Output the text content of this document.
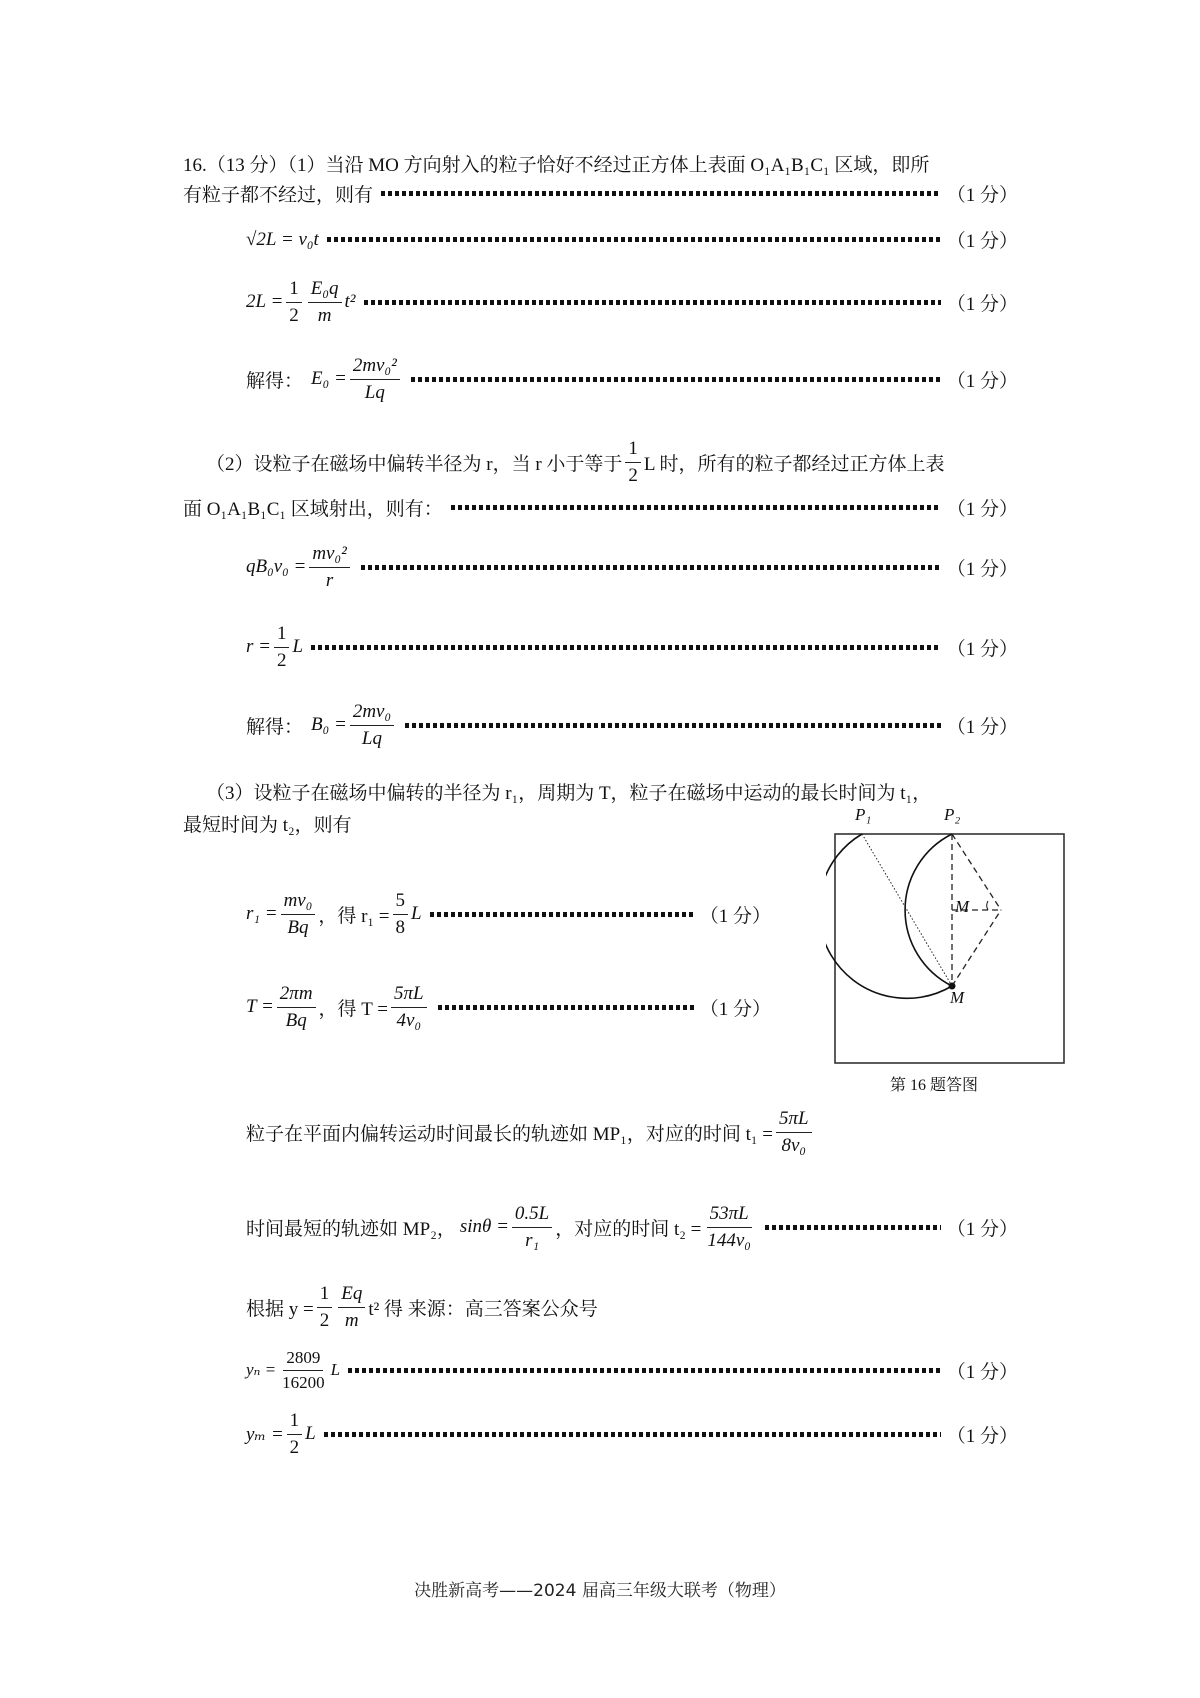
16.（13 分）（1）当沿 MO 方向射入的粒子恰好不经过正方体上表面 O₁A₁B₁C₁ 区域，即所
有粒子都不经过，则有	（1 分）
√2L = v₀t	（1 分）
$2L = \frac{1}{2} \frac{\text{E₀q}}{m} t^2$	（1 分）
解得： $E_0 = \frac{\text{2mv₀²}}{Lq}$	（1 分）
（2）设粒子在磁场中偏转半径为 r，当 r 小于等于 $\frac{1}{2}$ L 时，所有的粒子都经过正方体上表
面 O₁A₁B₁C₁ 区域射出，则有：	（1 分）
$qB_0v_0 = \frac{\text{mv₀²}}{r}$	（1 分）
$r = \frac{1}{2}$ L	（1 分）
解得： $B_0 = \frac{\text{2mv₀}}{Lq}$	（1 分）
（3）设粒子在磁场中偏转的半径为 r₁，周期为 T，粒子在磁场中运动的最长时间为 t₁，
最短时间为 t₂，则有
$r_1 = \frac{\text{mv₀}}{Bq}$ ，得 $r_1 = \frac{5}{8}$ L	（1 分）
$T = \frac{2\pi m}{Bq}$ ，得 $T = \frac{5\pi L}{\text{4v₀}}$	（1 分）
P₁	P₂
M
M
第 16 题答图
粒子在平面内偏转运动时间最长的轨迹如 MP₁，对应的时间 $t_1 = \frac{5\pi L}{\text{8v₀}}$
时间最短的轨迹如 MP₂， $\sin\theta = \frac{0.5L}{\text{r₁}}$ ，对应的时间 $t_2 = \frac{53\pi L}{\text{144v₀}}$	（1 分）
根据 $y = \frac{1}{2} \frac{Eq}{m} t^2$ 得 来源：高三答案公众号
$y_n = \frac{2809}{16200}$ L	（1 分）
$y_m = \frac{1}{2}$ L	（1 分）
决胜新高考——2024 届高三年级大联考（物理）
